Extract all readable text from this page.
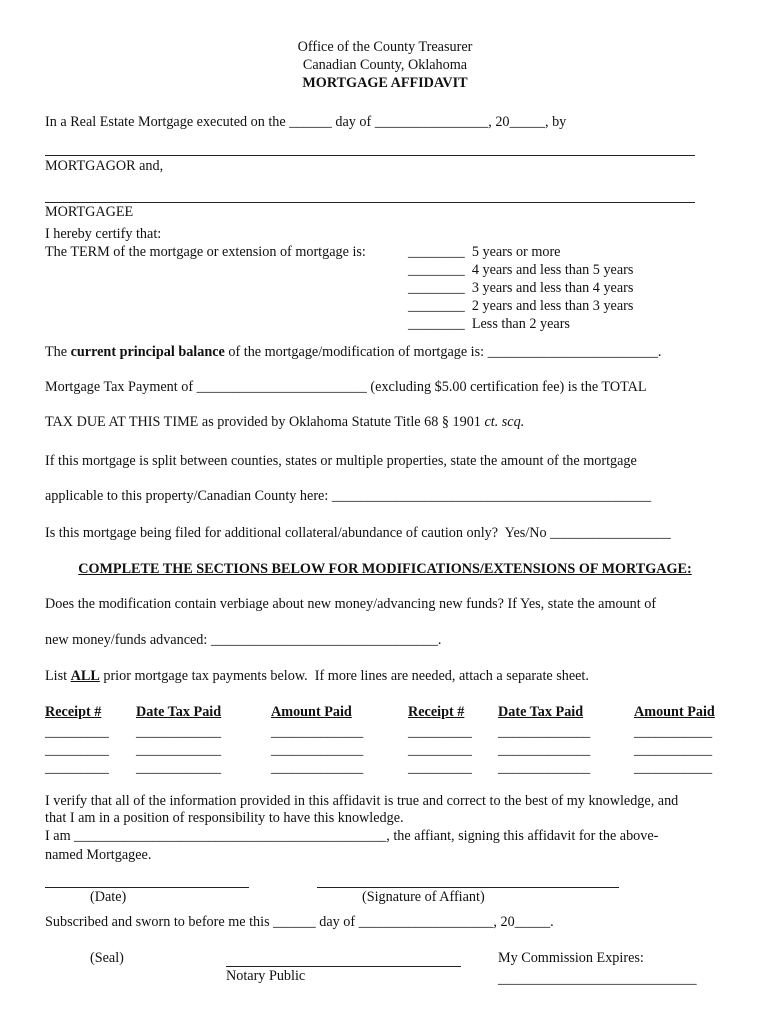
Office of the County Treasurer
Canadian County, Oklahoma
MORTGAGE AFFIDAVIT
In a Real Estate Mortgage executed on the ______ day of ________________, 20_____, by
MORTGAGOR and,
MORTGAGEE
I hereby certify that:
The TERM of the mortgage or extension of mortgage is:	________  5 years or more
________  4 years and less than 5 years
________  3 years and less than 4 years
________  2 years and less than 3 years
________  Less than 2 years
The current principal balance of the mortgage/modification of mortgage is: ________________________.
Mortgage Tax Payment of ________________________ (excluding $5.00 certification fee) is the TOTAL
TAX DUE AT THIS TIME as provided by Oklahoma Statute Title 68 § 1901 ct. scq.
If this mortgage is split between counties, states or multiple properties, state the amount of the mortgage
applicable to this property/Canadian County here: _____________________________________________
Is this mortgage being filed for additional collateral/abundance of caution only?  Yes/No _________________
COMPLETE THE SECTIONS BELOW FOR MODIFICATIONS/EXTENSIONS OF MORTGAGE:
Does the modification contain verbiage about new money/advancing new funds? If Yes, state the amount of
new money/funds advanced: ________________________________.
List ALL prior mortgage tax payments below.  If more lines are needed, attach a separate sheet.
Receipt # Date Tax Paid	Amount Paid	Receipt # Date Tax Paid	Amount Paid
_________ ____________	_____________	_________ _____________	___________
_________ ____________	_____________	_________ _____________	___________
_________ ____________	_____________	_________ _____________	___________
I verify that all of the information provided in this affidavit is true and correct to the best of my knowledge, and
that I am in a position of responsibility to have this knowledge.
I am ____________________________________________, the affiant, signing this affidavit for the above-
named Mortgagee.
(Date)	(Signature of Affiant)
Subscribed and sworn to before me this ______ day of ___________________, 20_____.
(Seal)
Notary Public
My Commission Expires:
____________________________
